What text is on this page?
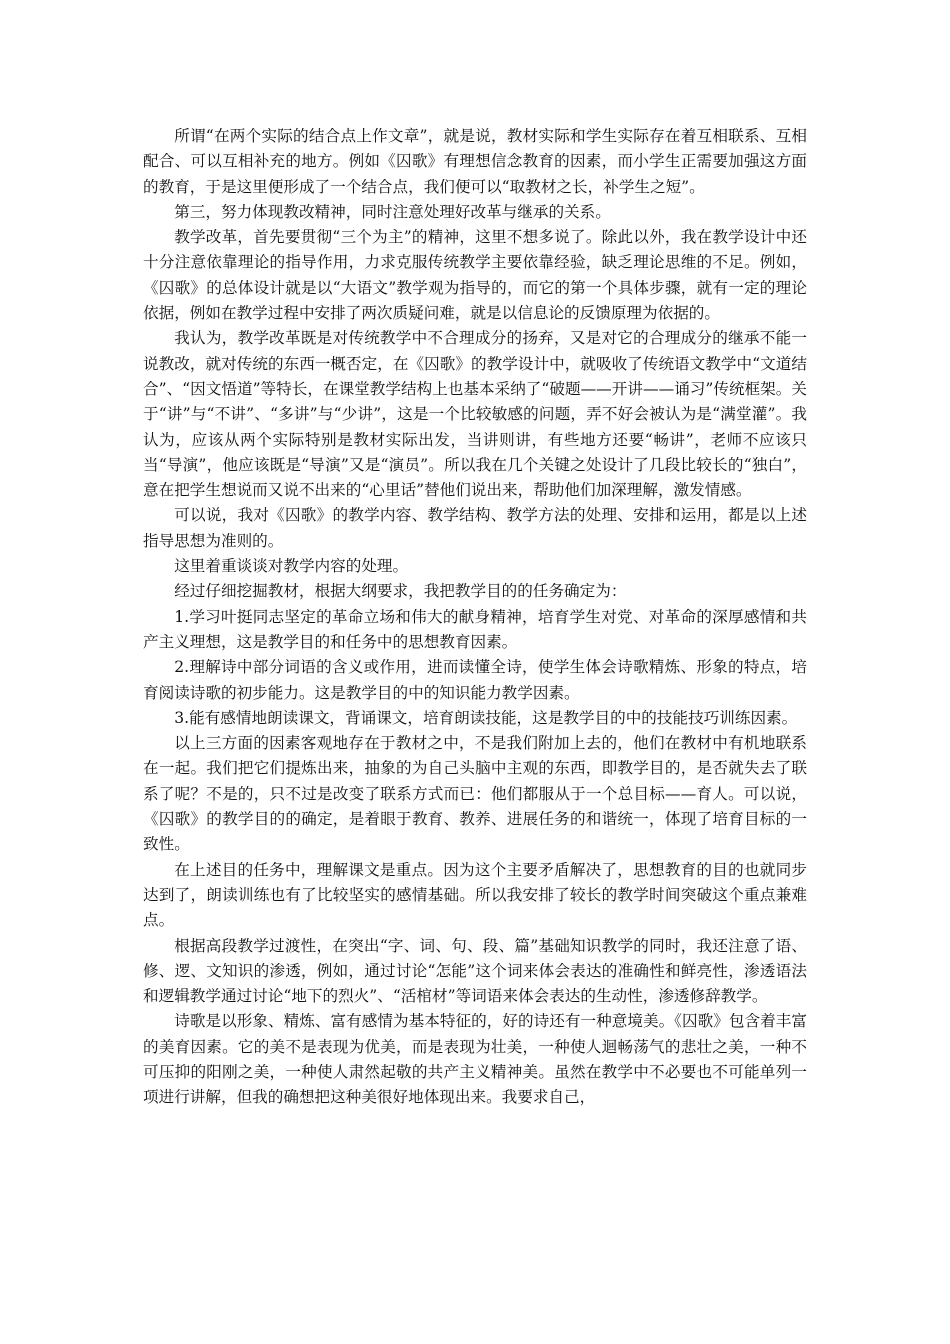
所谓“在两个实际的结合点上作文章”，就是说，教材实际和学生实际存在着互相联系、互相配合、可以互相补充的地方。例如《囚歌》有理想信念教育的因素，而小学生正需要加强这方面的教育，于是这里便形成了一个结合点，我们便可以“取教材之长，补学生之短”。

第三，努力体现教改精神，同时注意处理好改革与继承的关系。

教学改革，首先要贯彻“三个为主”的精神，这里不想多说了。除此以外，我在教学设计中还十分注意依靠理论的指导作用，力求克服传统教学主要依靠经验，缺乏理论思维的不足。例如，《囚歌》的总体设计就是以“大语文”教学观为指导的，而它的第一个具体步骤，就有一定的理论依据，例如在教学过程中安排了两次质疑问难，就是以信息论的反馈原理为依据的。

我认为，教学改革既是对传统教学中不合理成分的扬弃，又是对它的合理成分的继承不能一说教改，就对传统的东西一概否定，在《囚歌》的教学设计中，就吸收了传统语文教学中“文道结合”、“因文悟道”等特长，在课堂教学结构上也基本采纳了“破题——开讲——诵习”传统框架。关于“讲”与“不讲”、“多讲”与“少讲”，这是一个比较敏感的问题，弄不好会被认为是“满堂灌”。我认为，应该从两个实际特别是教材实际出发，当讲则讲，有些地方还要“畅讲”，老师不应该只当“导演”，他应该既是“导演”又是“演员”。所以我在几个关键之处设计了几段比较长的“独白”，意在把学生想说而又说不出来的“心里话”替他们说出来，帮助他们加深理解，激发情感。

可以说，我对《囚歌》的教学内容、教学结构、教学方法的处理、安排和运用，都是以上述指导思想为准则的。

这里着重谈谈对教学内容的处理。

经过仔细挖掘教材，根据大纲要求，我把教学目的的任务确定为：

1.学习叶挺同志坚定的革命立场和伟大的献身精神，培育学生对党、对革命的深厚感情和共产主义理想，这是教学目的和任务中的思想教育因素。

2.理解诗中部分词语的含义或作用，进而读懂全诗，使学生体会诗歌精炼、形象的特点，培育阅读诗歌的初步能力。这是教学目的中的知识能力教学因素。

3.能有感情地朗读课文，背诵课文，培育朗读技能，这是教学目的中的技能技巧训练因素。

以上三方面的因素客观地存在于教材之中，不是我们附加上去的，他们在教材中有机地联系在一起。我们把它们提炼出来，抽象的为自己头脑中主观的东西，即教学目的，是否就失去了联系了呢？不是的，只不过是改变了联系方式而已：他们都服从于一个总目标——育人。可以说，《囚歌》的教学目的的确定，是着眼于教育、教养、进展任务的和谐统一，体现了培育目标的一致性。

在上述目的任务中，理解课文是重点。因为这个主要矛盾解决了，思想教育的目的也就同步达到了，朗读训练也有了比较坚实的感情基础。所以我安排了较长的教学时间突破这个重点兼难点。

根据高段教学过渡性，在突出“字、词、句、段、篇”基础知识教学的同时，我还注意了语、修、逻、文知识的渗透，例如，通过讨论“怎能”这个词来体会表达的准确性和鲜亮性，渗透语法和逻辑教学通过讨论“地下的烈火”、“活棺材”等词语来体会表达的生动性，渗透修辞教学。

诗歌是以形象、精炼、富有感情为基本特征的，好的诗还有一种意境美。《囚歌》包含着丰富的美育因素。它的美不是表现为优美，而是表现为壮美，一种使人迴畅荡气的悲壮之美，一种不可压抑的阳刚之美，一种使人肃然起敬的共产主义精神美。虽然在教学中不必要也不可能单列一项进行讲解，但我的确想把这种美很好地体现出来。我要求自己，
